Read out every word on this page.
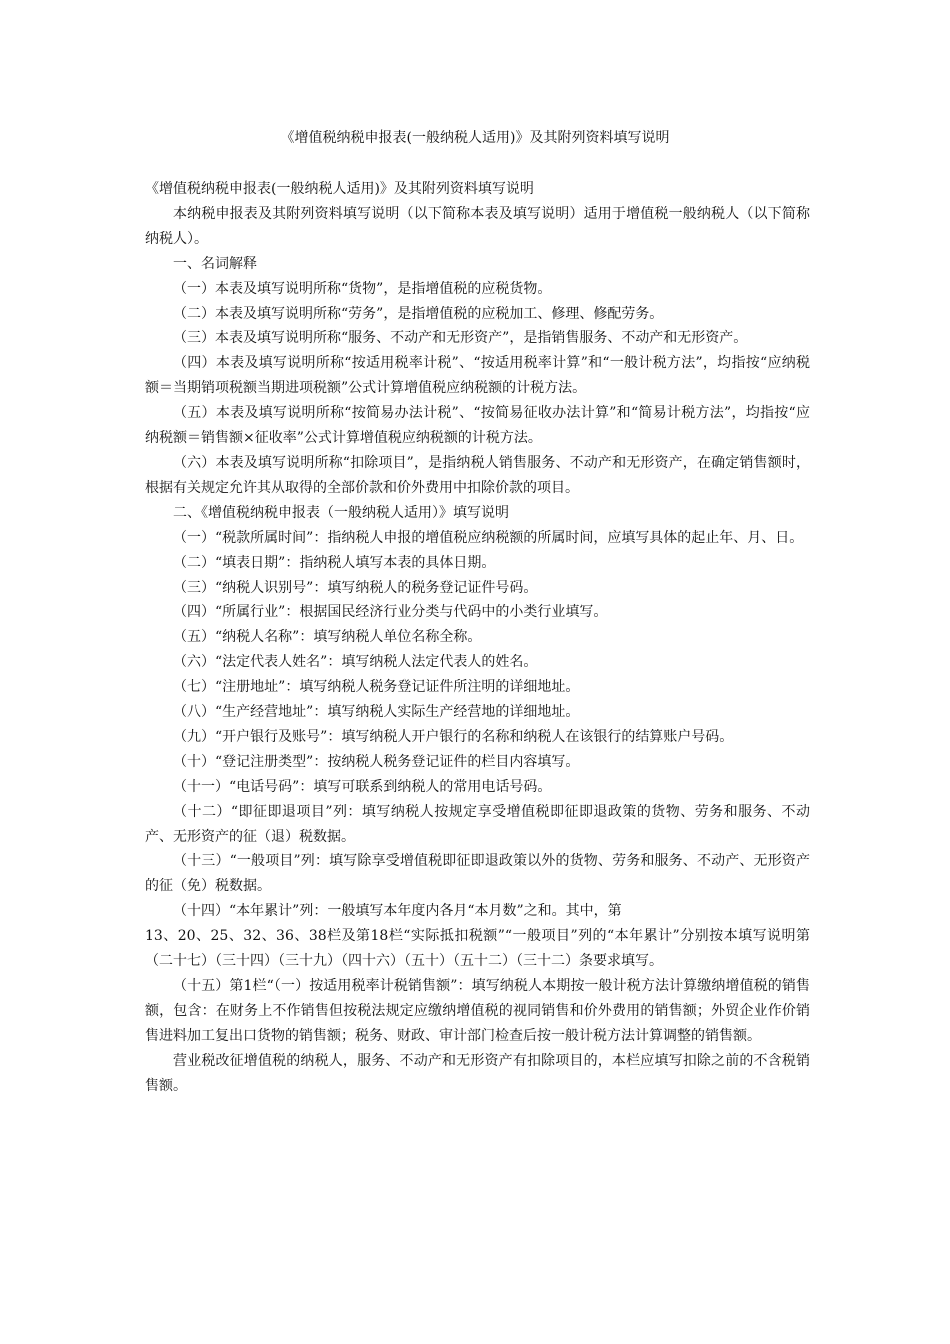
《增值税纳税申报表(一般纳税人适用)》及其附列资料填写说明

《增值税纳税申报表(一般纳税人适用)》及其附列资料填写说明

本纳税申报表及其附列资料填写说明（以下简称本表及填写说明）适用于增值税一般纳税人（以下简称纳税人）。

一、名词解释

（一）本表及填写说明所称“货物”，是指增值税的应税货物。

（二）本表及填写说明所称“劳务”，是指增值税的应税加工、修理、修配劳务。

（三）本表及填写说明所称“服务、不动产和无形资产”，是指销售服务、不动产和无形资产。

（四）本表及填写说明所称“按适用税率计税”、“按适用税率计算”和“一般计税方法”，均指按“应纳税额＝当期销项税额当期进项税额”公式计算增值税应纳税额的计税方法。

（五）本表及填写说明所称“按简易办法计税”、“按简易征收办法计算”和“简易计税方法”，均指按“应纳税额＝销售额×征收率”公式计算增值税应纳税额的计税方法。

（六）本表及填写说明所称“扣除项目”，是指纳税人销售服务、不动产和无形资产，在确定销售额时，根据有关规定允许其从取得的全部价款和价外费用中扣除价款的项目。

二、《增值税纳税申报表（一般纳税人适用）》填写说明

（一）“税款所属时间”：指纳税人申报的增值税应纳税额的所属时间，应填写具体的起止年、月、日。

（二）“填表日期”：指纳税人填写本表的具体日期。

（三）“纳税人识别号”：填写纳税人的税务登记证件号码。

（四）“所属行业”：根据国民经济行业分类与代码中的小类行业填写。

（五）“纳税人名称”：填写纳税人单位名称全称。

（六）“法定代表人姓名”：填写纳税人法定代表人的姓名。

（七）“注册地址”：填写纳税人税务登记证件所注明的详细地址。

（八）“生产经营地址”：填写纳税人实际生产经营地的详细地址。

（九）“开户银行及账号”：填写纳税人开户银行的名称和纳税人在该银行的结算账户号码。

（十）“登记注册类型”：按纳税人税务登记证件的栏目内容填写。

（十一）“电话号码”：填写可联系到纳税人的常用电话号码。

（十二）“即征即退项目”列：填写纳税人按规定享受增值税即征即退政策的货物、劳务和服务、不动产、无形资产的征（退）税数据。

（十三）“一般项目”列：填写除享受增值税即征即退政策以外的货物、劳务和服务、不动产、无形资产的征（免）税数据。

（十四）“本年累计”列：一般填写本年度内各月“本月数”之和。其中，第

13、20、25、32、36、38栏及第18栏“实际抵扣税额”“一般项目”列的“本年累计”分别按本填写说明第（二十七）（三十四）（三十九）（四十六）（五十）（五十二）（三十二）条要求填写。

（十五）第1栏“（一）按适用税率计税销售额”：填写纳税人本期按一般计税方法计算缴纳增值税的销售额，包含：在财务上不作销售但按税法规定应缴纳增值税的视同销售和价外费用的销售额；外贸企业作价销售进料加工复出口货物的销售额；税务、财政、审计部门检查后按一般计税方法计算调整的销售额。

营业税改征增值税的纳税人，服务、不动产和无形资产有扣除项目的，本栏应填写扣除之前的不含税销售额。
